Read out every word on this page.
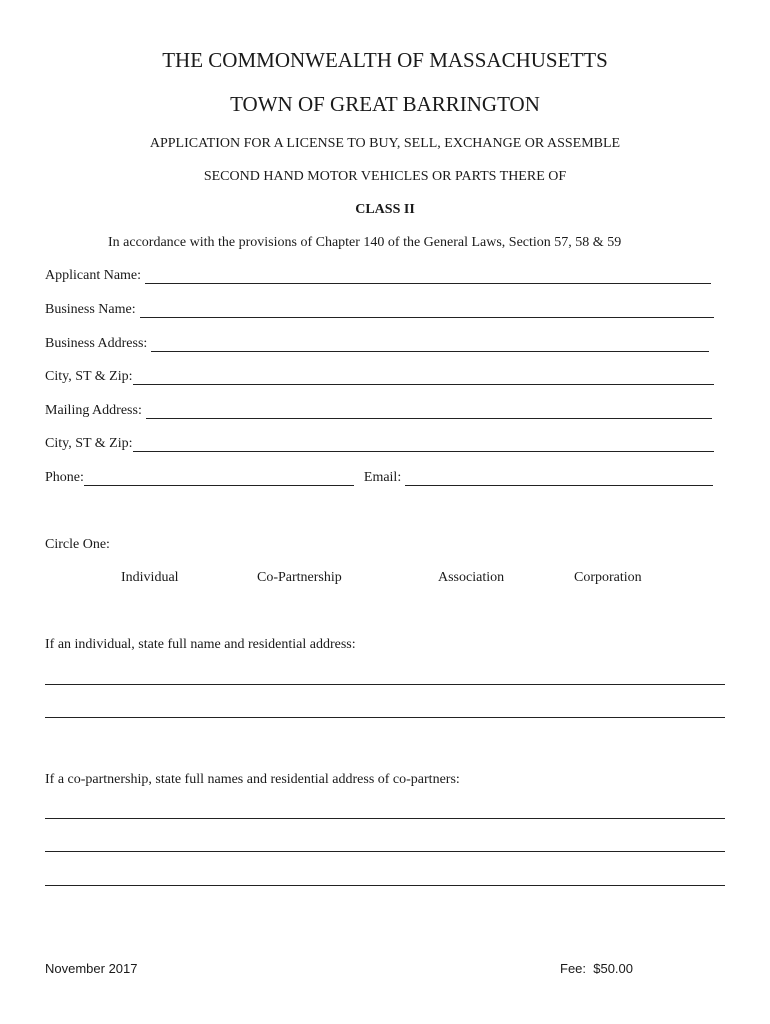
THE COMMONWEALTH OF MASSACHUSETTS
TOWN OF GREAT BARRINGTON
APPLICATION FOR A LICENSE TO BUY, SELL, EXCHANGE OR ASSEMBLE
SECOND HAND MOTOR VEHICLES OR PARTS THERE OF
CLASS II
In accordance with the provisions of Chapter 140 of the General Laws, Section 57, 58 & 59
Applicant Name:
Business Name:
Business Address:
City, ST & Zip:
Mailing Address:
City, ST & Zip:
Phone:	Email:
Circle One:
Individual	Co-Partnership	Association	Corporation
If an individual, state full name and residential address:
If a co-partnership, state full names and residential address of co-partners:
November 2017	Fee:  $50.00
